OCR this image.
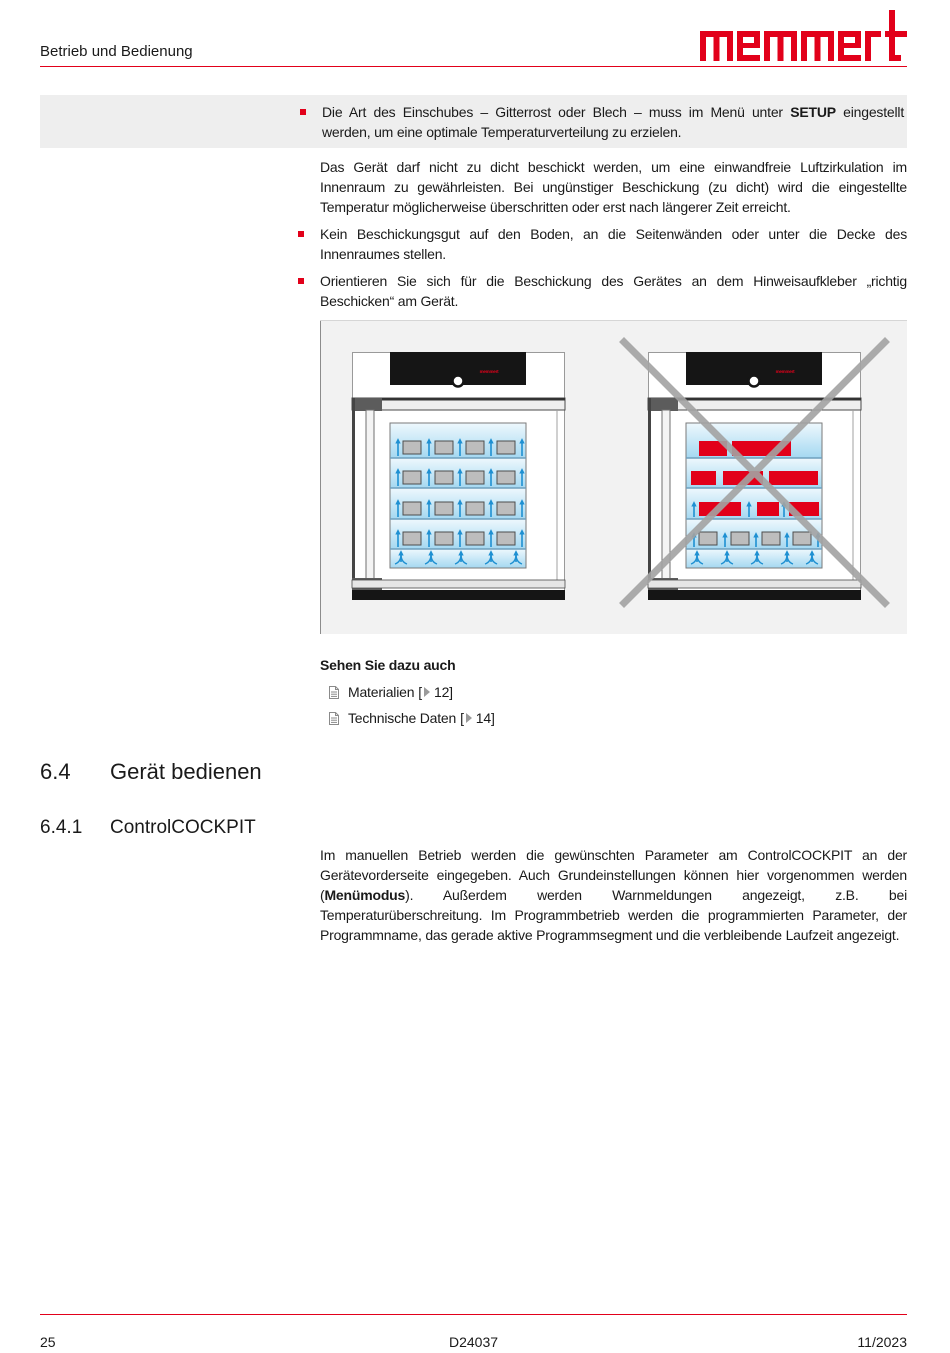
Betrieb und Bedienung

Die Art des Einschubes – Gitterrost oder Blech – muss im Menü unter SETUP eingestellt werden, um eine optimale Temperaturverteilung zu erzielen.

Das Gerät darf nicht zu dicht beschickt werden, um eine einwandfreie Luftzirkulation im Innenraum zu gewährleisten. Bei ungünstiger Beschickung (zu dicht) wird die eingestellte Temperatur möglicherweise überschritten oder erst nach längerer Zeit erreicht.

Kein Beschickungsgut auf den Boden, an die Seitenwänden oder unter die Decke des Innenraumes stellen.
Orientieren Sie sich für die Beschickung des Gerätes an dem Hinweisaufkleber „richtig Beschicken“ am Gerät.
memmert	memmert
Sehen Sie dazu auch
Materialien [ 12 ]
Technische Daten [ 14 ]
6.4	Gerät bedienen
6.4.1	ControlCOCKPIT

Im manuellen Betrieb werden die gewünschten Parameter am ControlCOCKPIT an der Gerätevorderseite eingegeben. Auch Grundeinstellungen können hier vorgenommen werden (Menümodus). Außerdem werden Warnmeldungen angezeigt, z.B. bei Temperaturüberschreitung. Im Programmbetrieb werden die programmierten Parameter, der Programmname, das gerade aktive Programmsegment und die verbleibende Laufzeit angezeigt.

25	D24037	11/2023
